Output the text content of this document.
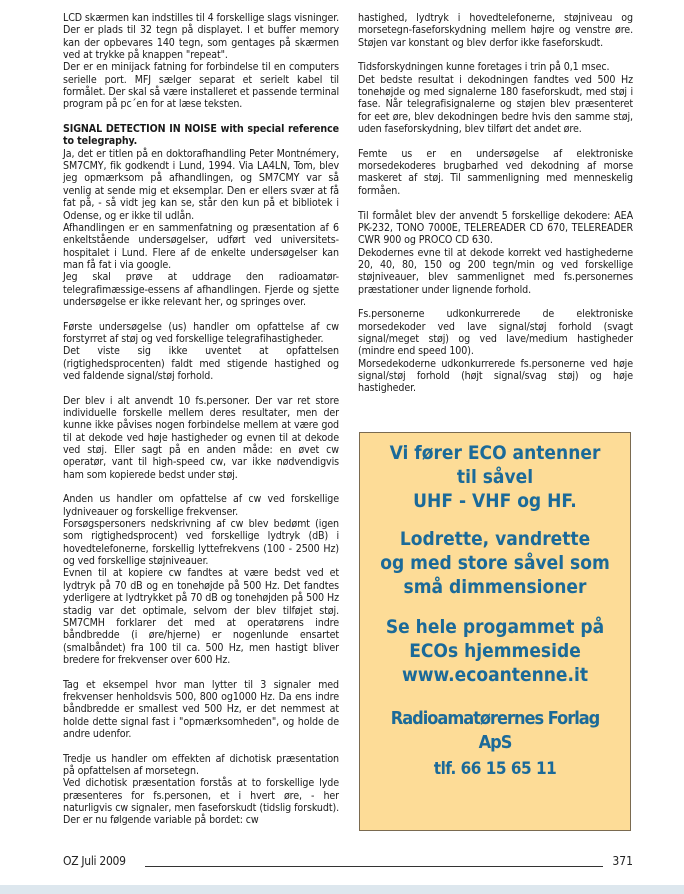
LCD skærmen kan indstilles til 4 forskellige slags visninger. Der er plads til 32 tegn på displayet. I et buffer memory kan der opbevares 140 tegn, som gentages på skærmen ved at trykke på knappen "repeat".

Der er en minijack fatning for forbindelse til en computers serielle port. MFJ sælger separat et serielt kabel til formålet. Der skal så være installeret et passende terminal program på pc´en for at læse teksten.

SIGNAL DETECTION IN NOISE with special reference to telegraphy.

Ja, det er titlen på en doktorafhandling Peter Montnémery, SM7CMY, fik godkendt i Lund, 1994. Via LA4LN, Tom, blev jeg opmærksom på afhandlingen, og SM7CMY var så venlig at sende mig et eksemplar. Den er ellers svær at få fat på, - så vidt jeg kan se, står den kun på et bibliotek i Odense, og er ikke til udlån.

Afhandlingen er en sammenfatning og præsentation af 6 enkeltstående undersøgelser, udført ved universitets-hospitalet i Lund. Flere af de enkelte undersøgelser kan man få fat i via google.

Jeg skal prøve at uddrage den radioamatør-telegrafimæssige-essens af afhandlingen. Fjerde og sjette undersøgelse er ikke relevant her, og springes over.

Første undersøgelse (us) handler om opfattelse af cw forstyrret af støj og ved forskellige telegrafihastigheder.

Det viste sig ikke uventet at opfattelsen (rigtighedsprocenten) faldt med stigende hastighed og ved faldende signal/støj forhold.

Der blev i alt anvendt 10 fs.personer. Der var ret store individuelle forskelle mellem deres resultater, men der kunne ikke påvises nogen forbindelse mellem at være god til at dekode ved høje hastigheder og evnen til at dekode ved støj. Eller sagt på en anden måde: en øvet cw operatør, vant til high-speed cw, var ikke nødvendigvis ham som kopierede bedst under støj.

Anden us handler om opfattelse af cw ved forskellige lydniveauer og forskellige frekvenser.

Forsøgspersoners nedskrivning af cw blev bedømt (igen som rigtighedsprocent) ved forskellige lydtryk (dB) i hovedtelefonerne, forskellig lyttefrekvens (100 - 2500 Hz) og ved forskellige støjniveauer.

Evnen til at kopiere cw fandtes at være bedst ved et lydtryk på 70 dB og en tonehøjde på 500 Hz. Det fandtes yderligere at lydtrykket på 70 dB og tonehøjden på 500 Hz stadig var det optimale, selvom der blev tilføjet støj. SM7CMH forklarer det med at operatørens indre båndbredde (i øre/hjerne) er nogenlunde ensartet (smalbåndet) fra 100 til ca. 500 Hz, men hastigt bliver bredere for frekvenser over 600 Hz.

Tag et eksempel hvor man lytter til 3 signaler med frekvenser henholdsvis 500, 800 og1000 Hz. Da ens indre båndbredde er smallest ved 500 Hz, er det nemmest at holde dette signal fast i "opmærksomheden", og holde de andre udenfor.

Tredje us handler om effekten af dichotisk præsentation på opfattelsen af morsetegn.

Ved dichotisk præsentation forstås at to forskellige lyde præsenteres for fs.personen, et i hvert øre, - her naturligvis cw signaler, men faseforskudt (tidslig forskudt). Der er nu følgende variable på bordet: cw

hastighed, lydtryk i hovedtelefonerne, støjniveau og morsetegn-faseforskydning mellem højre og venstre øre. Støjen var konstant og blev derfor ikke faseforskudt.

Tidsforskydningen kunne foretages i trin på 0,1 msec.

Det bedste resultat i dekodningen fandtes ved 500 Hz tonehøjde og med signalerne 180 faseforskudt, med støj i fase. Når telegrafisignalerne og støjen blev præsenteret for eet øre, blev dekodningen bedre hvis den samme støj, uden faseforskydning, blev tilført det andet øre.

Femte us er en undersøgelse af elektroniske morsedekoderes brugbarhed ved dekodning af morse maskeret af støj. Til sammenligning med menneskelig formåen.

Til formålet blev der anvendt 5 forskellige dekodere: AEA PK-232, TONO 7000E, TELEREADER CD 670, TELEREADER CWR 900 og PROCO CD 630.

Dekodernes evne til at dekode korrekt ved hastighederne 20, 40, 80, 150 og 200 tegn/min og ved forskellige støjniveauer, blev sammenlignet med fs.personernes præstationer under lignende forhold.

Fs.personerne udkonkurrerede de elektroniske morsedekoder ved lave signal/støj forhold (svagt signal/meget støj) og ved lave/medium hastigheder (mindre end speed 100).

Morsedekoderne udkonkurrerede fs.personerne ved høje signal/støj forhold (højt signal/svag støj) og høje hastigheder.

Vi fører ECO antenner
til såvel
UHF - VHF og HF.
Lodrette, vandrette
og med store såvel som
små dimmensioner
Se hele progammet på
ECOs hjemmeside
www.ecoantenne.it
Radioamatørernes Forlag
ApS
tlf. 66 15 65 11
OZ Juli 2009	371
